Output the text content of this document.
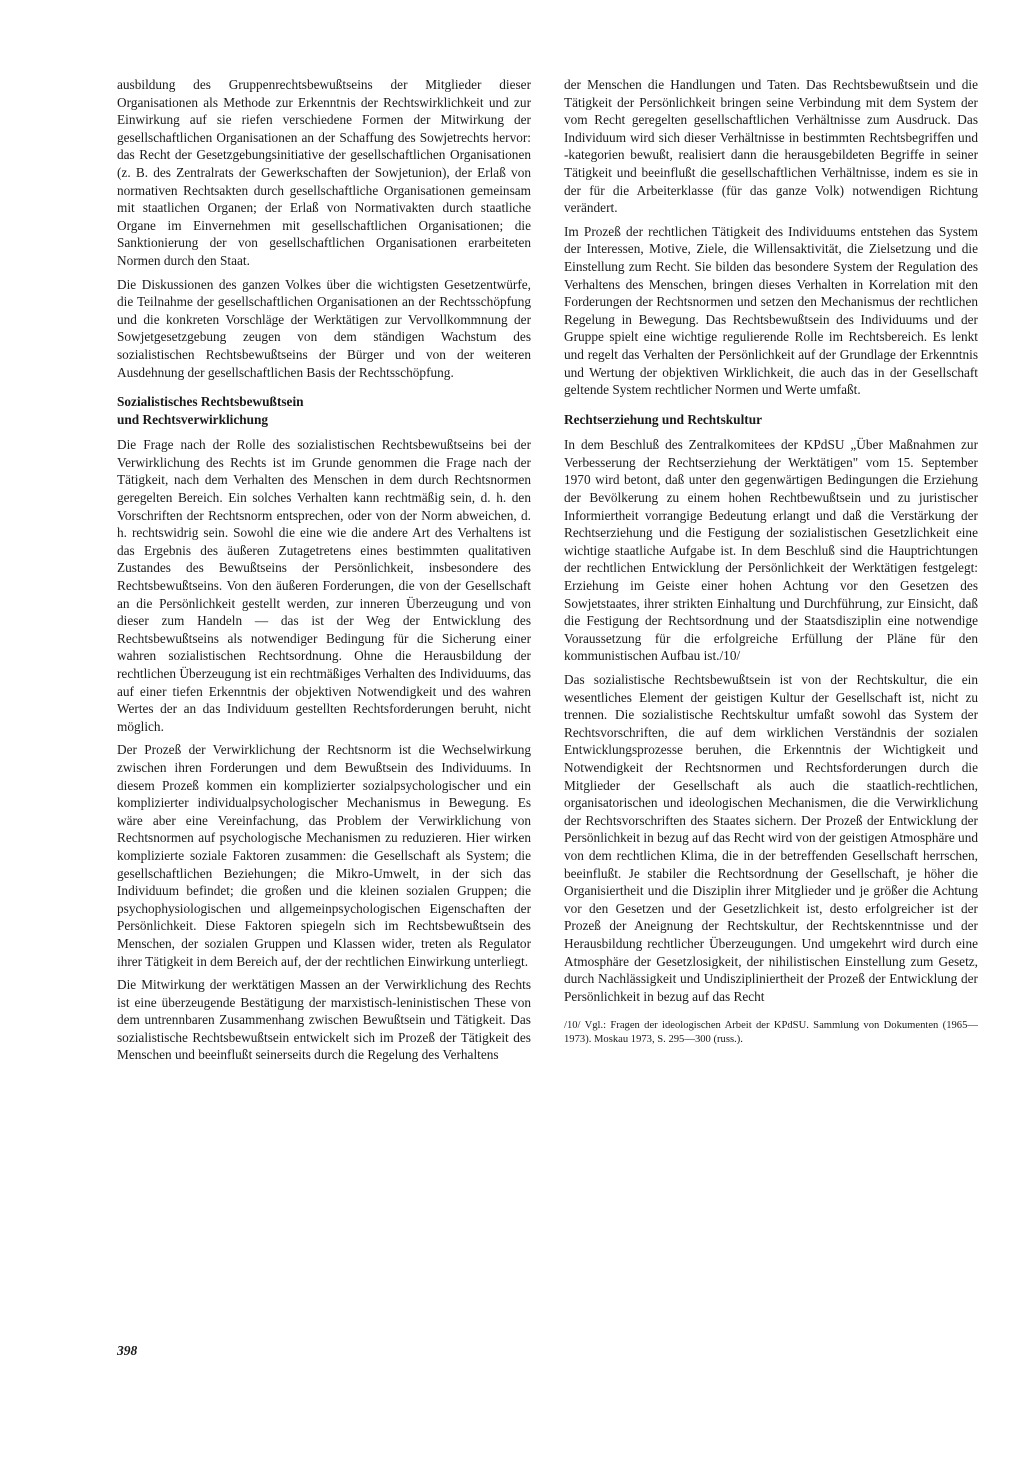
ausbildung des Gruppenrechtsbewußtseins der Mitglieder dieser Organisationen als Methode zur Erkenntnis der Rechtswirklichkeit und zur Einwirkung auf sie riefen verschiedene Formen der Mitwirkung der gesellschaftlichen Organisationen an der Schaffung des Sowjetrechts hervor: das Recht der Gesetzgebungsinitiative der gesellschaftlichen Organisationen (z. B. des Zentralrats der Gewerkschaften der Sowjetunion), der Erlaß von normativen Rechtsakten durch gesellschaftliche Organisationen gemeinsam mit staatlichen Organen; der Erlaß von Normativakten durch staatliche Organe im Einvernehmen mit gesellschaftlichen Organisationen; die Sanktionierung der von gesellschaftlichen Organisationen erarbeiteten Normen durch den Staat.

Die Diskussionen des ganzen Volkes über die wichtigsten Gesetzentwürfe, die Teilnahme der gesellschaftlichen Organisationen an der Rechtsschöpfung und die konkreten Vorschläge der Werktätigen zur Vervollkommnung der Sowjetgesetzgebung zeugen von dem ständigen Wachstum des sozialistischen Rechtsbewußtseins der Bürger und von der weiteren Ausdehnung der gesellschaftlichen Basis der Rechtsschöpfung.

Sozialistisches Rechtsbewußtsein
und Rechtsverwirklichung

Die Frage nach der Rolle des sozialistischen Rechtsbewußtseins bei der Verwirklichung des Rechts ist im Grunde genommen die Frage nach der Tätigkeit, nach dem Verhalten des Menschen in dem durch Rechtsnormen geregelten Bereich. Ein solches Verhalten kann rechtmäßig sein, d. h. den Vorschriften der Rechtsnorm entsprechen, oder von der Norm abweichen, d. h. rechtswidrig sein. Sowohl die eine wie die andere Art des Verhaltens ist das Ergebnis des äußeren Zutagetretens eines bestimmten qualitativen Zustandes des Bewußtseins der Persönlichkeit, insbesondere des Rechtsbewußtseins. Von den äußeren Forderungen, die von der Gesellschaft an die Persönlichkeit gestellt werden, zur inneren Überzeugung und von dieser zum Handeln — das ist der Weg der Entwicklung des Rechtsbewußtseins als notwendiger Bedingung für die Sicherung einer wahren sozialistischen Rechtsordnung. Ohne die Herausbildung der rechtlichen Überzeugung ist ein rechtmäßiges Verhalten des Individuums, das auf einer tiefen Erkenntnis der objektiven Notwendigkeit und des wahren Wertes der an das Individuum gestellten Rechtsforderungen beruht, nicht möglich.

Der Prozeß der Verwirklichung der Rechtsnorm ist die Wechselwirkung zwischen ihren Forderungen und dem Bewußtsein des Individuums. In diesem Prozeß kommen ein komplizierter sozialpsychologischer und ein komplizierter individualpsychologischer Mechanismus in Bewegung. Es wäre aber eine Vereinfachung, das Problem der Verwirklichung von Rechtsnormen auf psychologische Mechanismen zu reduzieren. Hier wirken komplizierte soziale Faktoren zusammen: die Gesellschaft als System; die gesellschaftlichen Beziehungen; die Mikro-Umwelt, in der sich das Individuum befindet; die großen und die kleinen sozialen Gruppen; die psychophysiologischen und allgemeinpsychologischen Eigenschaften der Persönlichkeit. Diese Faktoren spiegeln sich im Rechtsbewußtsein des Menschen, der sozialen Gruppen und Klassen wider, treten als Regulator ihrer Tätigkeit in dem Bereich auf, der der rechtlichen Einwirkung unterliegt.

Die Mitwirkung der werktätigen Massen an der Verwirklichung des Rechts ist eine überzeugende Bestätigung der marxistisch-leninistischen These von dem untrennbaren Zusammenhang zwischen Bewußtsein und Tätigkeit. Das sozialistische Rechtsbewußtsein entwickelt sich im Prozeß der Tätigkeit des Menschen und beeinflußt seinerseits durch die Regelung des Verhaltens

der Menschen die Handlungen und Taten. Das Rechtsbewußtsein und die Tätigkeit der Persönlichkeit bringen seine Verbindung mit dem System der vom Recht geregelten gesellschaftlichen Verhältnisse zum Ausdruck. Das Individuum wird sich dieser Verhältnisse in bestimmten Rechtsbegriffen und -kategorien bewußt, realisiert dann die herausgebildeten Begriffe in seiner Tätigkeit und beeinflußt die gesellschaftlichen Verhältnisse, indem es sie in der für die Arbeiterklasse (für das ganze Volk) notwendigen Richtung verändert.

Im Prozeß der rechtlichen Tätigkeit des Individuums entstehen das System der Interessen, Motive, Ziele, die Willensaktivität, die Zielsetzung und die Einstellung zum Recht. Sie bilden das besondere System der Regulation des Verhaltens des Menschen, bringen dieses Verhalten in Korrelation mit den Forderungen der Rechtsnormen und setzen den Mechanismus der rechtlichen Regelung in Bewegung. Das Rechtsbewußtsein des Individuums und der Gruppe spielt eine wichtige regulierende Rolle im Rechtsbereich. Es lenkt und regelt das Verhalten der Persönlichkeit auf der Grundlage der Erkenntnis und Wertung der objektiven Wirklichkeit, die auch das in der Gesellschaft geltende System rechtlicher Normen und Werte umfaßt.

Rechtserziehung und Rechtskultur

In dem Beschluß des Zentralkomitees der KPdSU „Über Maßnahmen zur Verbesserung der Rechtserziehung der Werktätigen" vom 15. September 1970 wird betont, daß unter den gegenwärtigen Bedingungen die Erziehung der Bevölkerung zu einem hohen Rechtbewußtsein und zu juristischer Informiertheit vorrangige Bedeutung erlangt und daß die Verstärkung der Rechtserziehung und die Festigung der sozialistischen Gesetzlichkeit eine wichtige staatliche Aufgabe ist. In dem Beschluß sind die Hauptrichtungen der rechtlichen Entwicklung der Persönlichkeit der Werktätigen festgelegt: Erziehung im Geiste einer hohen Achtung vor den Gesetzen des Sowjetstaates, ihrer strikten Einhaltung und Durchführung, zur Einsicht, daß die Festigung der Rechtsordnung und der Staatsdisziplin eine notwendige Voraussetzung für die erfolgreiche Erfüllung der Pläne für den kommunistischen Aufbau ist./10/

Das sozialistische Rechtsbewußtsein ist von der Rechtskultur, die ein wesentliches Element der geistigen Kultur der Gesellschaft ist, nicht zu trennen. Die sozialistische Rechtskultur umfaßt sowohl das System der Rechtsvorschriften, die auf dem wirklichen Verständnis der sozialen Entwicklungsprozesse beruhen, die Erkenntnis der Wichtigkeit und Notwendigkeit der Rechtsnormen und Rechtsforderungen durch die Mitglieder der Gesellschaft als auch die staatlich-rechtlichen, organisatorischen und ideologischen Mechanismen, die die Verwirklichung der Rechtsvorschriften des Staates sichern. Der Prozeß der Entwicklung der Persönlichkeit in bezug auf das Recht wird von der geistigen Atmosphäre und von dem rechtlichen Klima, die in der betreffenden Gesellschaft herrschen, beeinflußt. Je stabiler die Rechtsordnung der Gesellschaft, je höher die Organisiertheit und die Disziplin ihrer Mitglieder und je größer die Achtung vor den Gesetzen und der Gesetzlichkeit ist, desto erfolgreicher ist der Prozeß der Aneignung der Rechtskultur, der Rechtskenntnisse und der Herausbildung rechtlicher Überzeugungen. Und umgekehrt wird durch eine Atmosphäre der Gesetzlosigkeit, der nihilistischen Einstellung zum Gesetz, durch Nachlässigkeit und Undiszipliniertheit der Prozeß der Entwicklung der Persönlichkeit in bezug auf das Recht

/10/ Vgl.: Fragen der ideologischen Arbeit der KPdSU. Sammlung von Dokumenten (1965—1973). Moskau 1973, S. 295—300 (russ.).
398
